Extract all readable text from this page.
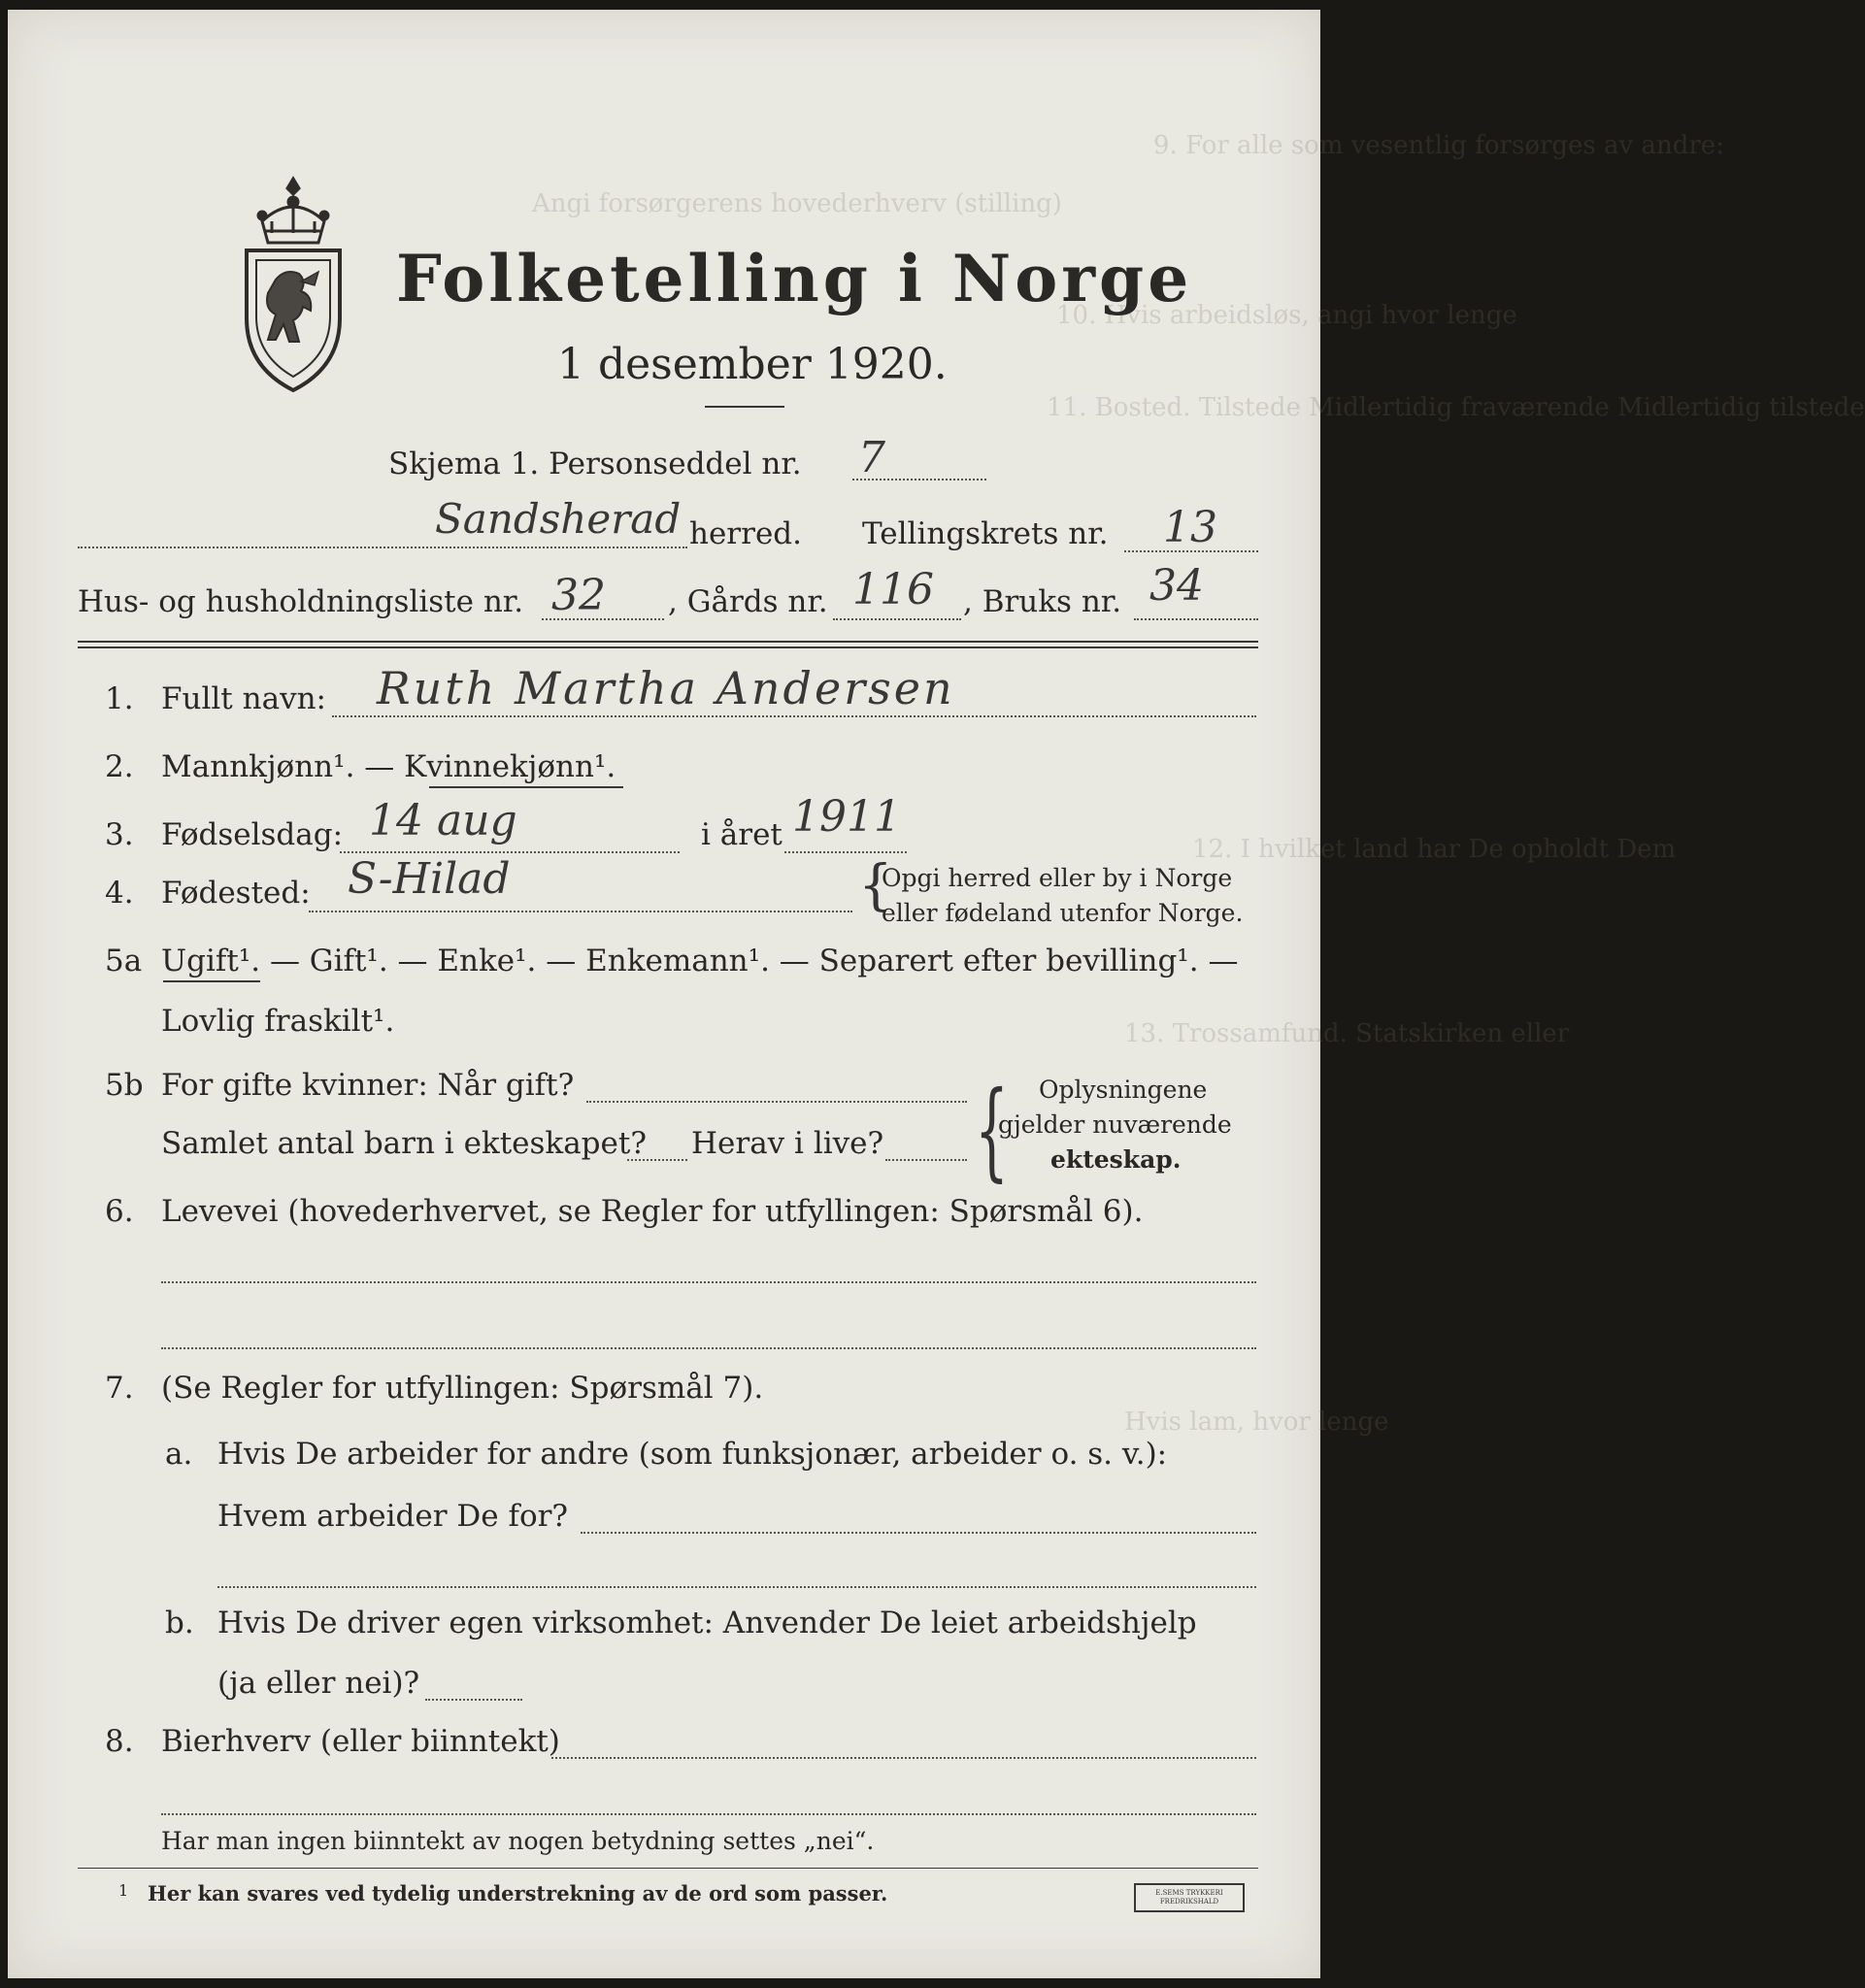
9. For alle som vesentlig forsørges av andre:
Angi forsørgerens hovederhverv (stilling)
10. Hvis arbeidsløs, angi hvor lenge
11. Bosted. Tilstede Midlertidig fraværende Midlertidig tilstede
12. I hvilket land har De opholdt Dem
13. Trossamfund. Statskirken eller
Hvis lam, hvor lenge
Folketelling i Norge
1 desember 1920.
Skjema 1. Personseddel nr. 7
Sandsherad herred. Tellingskrets nr. 13
Hus- og husholdningsliste nr. 32 , Gårds nr. 116 , Bruks nr. 34
1. Fullt navn: Ruth Martha Andersen
2. Mannkjønn¹. — Kvinnekjønn¹.
3. Fødselsdag: 14 aug	i året 1911
4. Fødested: S-Hilad	{
Opgi herred eller by i Norge
eller fødeland utenfor Norge.
5a Ugift¹. — Gift¹. — Enke¹. — Enkemann¹. — Separert efter bevilling¹. —
Lovlig fraskilt¹.
5b For gifte kvinner: Når gift?
Samlet antal barn i ekteskapet? Herav i live? { Oplysningene
gjelder nuværende
ekteskap.
6. Levevei (hovederhvervet, se Regler for utfyllingen: Spørsmål 6).
7. (Se Regler for utfyllingen: Spørsmål 7).
a. Hvis De arbeider for andre (som funksjonær, arbeider o. s. v.):
Hvem arbeider De for?
b. Hvis De driver egen virksomhet: Anvender De leiet arbeidshjelp
(ja eller nei)?
8. Bierhverv (eller biinntekt)
Har man ingen biinntekt av nogen betydning settes „nei“.
1 Her kan svares ved tydelig understrekning av de ord som passer.	E.SEMS TRYKKERI FREDRIKSHALD
